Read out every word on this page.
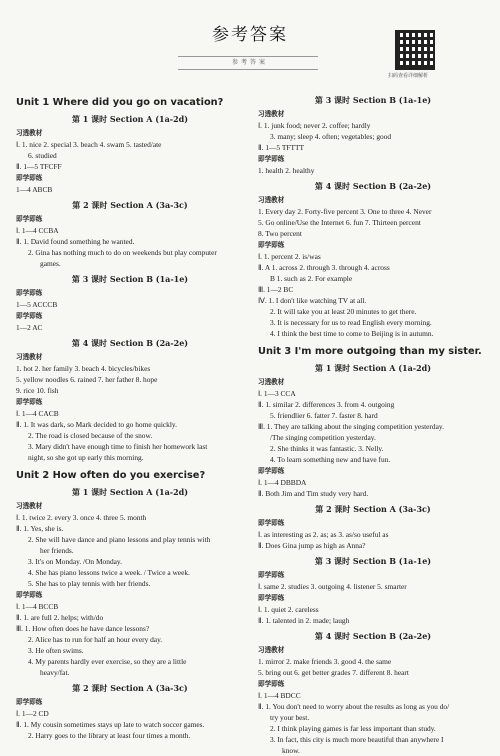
参考答案
参考答案
扫码查看详细解析
Unit 1 Where did you go on vacation?
第 1 课时 Section A (1a-2d)
习透教材
Ⅰ. 1. nice 2. special 3. beach 4. swam 5. tasted/ate
6. studied
Ⅱ. 1—5 TFCFF
即学即练
1—4 ABCB
第 2 课时 Section A (3a-3c)
即学即练
Ⅰ. 1—4 CCBA
Ⅱ. 1. David found something he wanted.
2. Gina has nothing much to do on weekends but play computer
games.
第 3 课时 Section B (1a-1e)
即学即练
1—5 ACCCB
即学即练
1—2 AC
第 4 课时 Section B (2a-2e)
习透教材
1. hot 2. her family 3. beach 4. bicycles/bikes
5. yellow noodles 6. rained 7. her father 8. hope
9. rice 10. fish
即学即练
Ⅰ. 1—4 CACB
Ⅱ. 1. It was dark, so Mark decided to go home quickly.
2. The road is closed because of the snow.
3. Mary didn't have enough time to finish her homework last
night, so she got up early this morning.
Unit 2 How often do you exercise?
第 1 课时 Section A (1a-2d)
习透教材
Ⅰ. 1. twice 2. every 3. once 4. three 5. month
Ⅱ. 1. Yes, she is.
2. She will have dance and piano lessons and play tennis with
her friends.
3. It's on Monday. /On Monday.
4. She has piano lessons twice a week. / Twice a week.
5. She has to play tennis with her friends.
即学即练
Ⅰ. 1—4 BCCB
Ⅱ. 1. are full 2. helps; with/do
Ⅲ. 1. How often does he have dance lessons?
2. Alice has to run for half an hour every day.
3. He often swims.
4. My parents hardly ever exercise, so they are a little
heavy/fat.
第 2 课时 Section A (3a-3c)
即学即练
Ⅰ. 1—2 CD
Ⅱ. 1. My cousin sometimes stays up late to watch soccer games.
2. Harry goes to the library at least four times a month.
第 3 课时 Section B (1a-1e)
习透教材
Ⅰ. 1. junk food; never 2. coffee; hardly
3. many; sleep 4. often; vegetables; good
Ⅱ. 1—5 TFTTT
即学即练
1. health 2. healthy
第 4 课时 Section B (2a-2e)
习透教材
1. Every day 2. Forty-five percent 3. One to three 4. Never
5. Go online/Use the Internet 6. fun 7. Thirteen percent
8. Two percent
即学即练
Ⅰ. 1. percent 2. is/was
Ⅱ. A 1. across 2. through 3. through 4. across
B 1. such as 2. For example
Ⅲ. 1—2 BC
Ⅳ. 1. I don't like watching TV at all.
2. It will take you at least 20 minutes to get there.
3. It is necessary for us to read English every morning.
4. I think the best time to come to Beijing is in autumn.
Unit 3 I'm more outgoing than my sister.
第 1 课时 Section A (1a-2d)
习透教材
Ⅰ. 1—3 CCA
Ⅱ. 1. similar 2. differences 3. from 4. outgoing
5. friendlier 6. fatter 7. faster 8. hard
Ⅲ. 1. They are talking about the singing competition yesterday.
/The singing competition yesterday.
2. She thinks it was fantastic. 3. Nelly.
4. To learn something new and have fun.
即学即练
Ⅰ. 1—4 DBBDA
Ⅱ. Both Jim and Tim study very hard.
第 2 课时 Section A (3a-3c)
即学即练
Ⅰ. as interesting as 2. as; as 3. as/so useful as
Ⅱ. Does Gina jump as high as Anna?
第 3 课时 Section B (1a-1e)
即学即练
Ⅰ. same 2. studies 3. outgoing 4. listener 5. smarter
即学即练
Ⅰ. 1. quiet 2. careless
Ⅱ. 1. talented in 2. made; laugh
第 4 课时 Section B (2a-2e)
习透教材
1. mirror 2. make friends 3. good 4. the same
5. bring out 6. get better grades 7. different 8. heart
即学即练
Ⅰ. 1—4 BDCC
Ⅱ. 1. You don't need to worry about the results as long as you do/
try your best.
2. I think playing games is far less important than study.
3. In fact, this city is much more beautiful than anywhere I
know.
